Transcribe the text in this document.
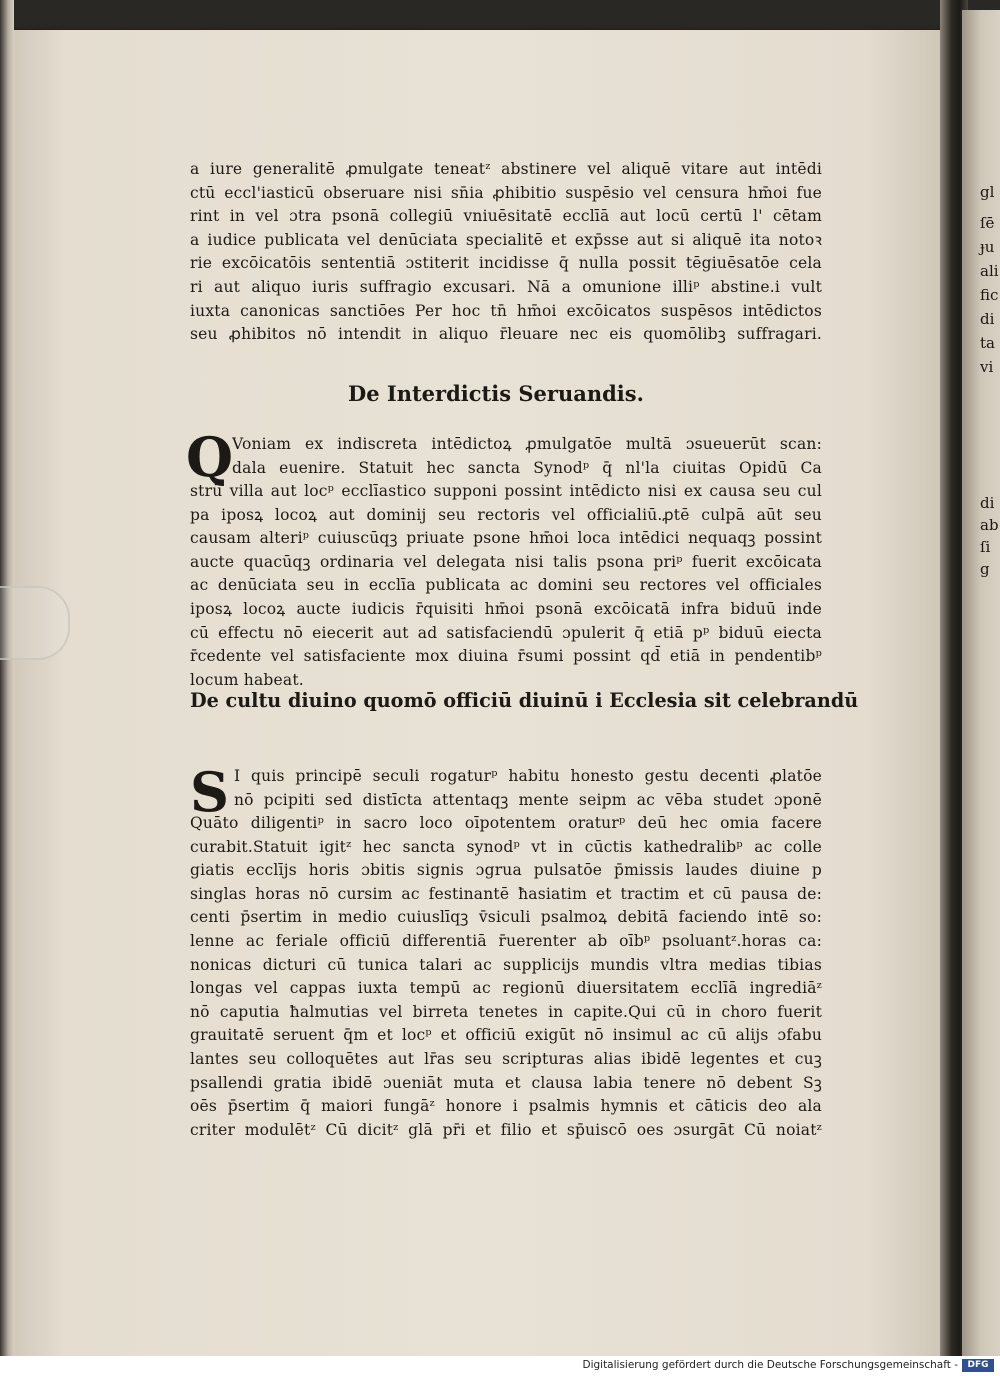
gl
ſē
ɟu
ali
fic
di
ta
vi
di
ab
ſi
g
a iure generalitē ꝓmulgate teneatᶻ abstinere vel aliquē vitare aut intēdi
ctū eccl'iasticū obseruare nisi sn̄ia ꝓhibitio suspēsio vel censura hm̄oi fue
rint in vel ɔtra psonā collegiū vniuēsitatē ecclīā aut locū certū l' cētam
a iudice publicata vel denūciata specialitē et exp̄sse aut si aliquē ita notoꝛ
rie excōicatōis sententiā ɔstiterit incidisse q̄ nulla possit tēgiuēsatōe cela
ri aut aliquo iuris suffragio excusari. Nā a omunione illiᵖ abstine.i vult
iuxta canonicas sanctiōes Per hoc tn̄ hm̄oi excōicatos suspēsos intēdictos
seu ꝓhibitos nō intendit in aliquo r̄leuare nec eis quomōlibꝫ suffragari.
De Interdictis Seruandis.
Q
Voniam ex indiscreta intēdictoꝝ ꝓmulgatōe multā ɔsueuerūt scan:
dala euenire. Statuit hec sancta Synodᵖ q̄ nl'la ciuitas Opidū Ca
strū villa aut locᵖ ecclīastico supponi possint intēdicto nisi ex causa seu cul
pa iposꝝ locoꝝ aut dominij seu rectoris vel officialiū.ꝓtē culpā aūt seu
causam alteriᵖ cuiuscūqꝫ priuate psone hm̄oi loca intēdici nequaqꝫ possint
aucte quacūqꝫ ordinaria vel delegata nisi talis psona priᵖ fuerit excōicata
ac denūciata seu in ecclīa publicata ac domini seu rectores vel officiales
iposꝝ locoꝝ aucte iudicis r̄quisiti hm̄oi psonā excōicatā infra biduū inde
cū effectu nō eiecerit aut ad satisfaciendū ɔpulerit q̄ etiā pᵖ biduū eiecta
r̄cedente vel satisfaciente mox diuina r̄sumi possint qd̄ etiā in pendentibᵖ
locum habeat.
De cultu diuino quomō officiū diuinū i Ecclesia sit celebrandū
S I quis principē seculi rogaturᵖ habitu honesto gestu decenti ꝓlatōe
nō pcipiti sed distīcta attentaqꝫ mente seipm ac vēba studet ɔponē
Quāto diligentiᵖ in sacro loco oīpotentem oraturᵖ deū hec omia facere
curabit.Statuit igitᶻ hec sancta synodᵖ vt in cūctis kathedralibᵖ ac colle
giatis ecclījs horis ɔbitis signis ɔgrua pulsatōe p̄missis laudes diuine p
singlas horas nō cursim ac festinantē ħasiatim et tractim et cū pausa de:
centi p̄sertim in medio cuiuslīqꝫ v̄siculi psalmoꝝ debitā faciendo intē so:
lenne ac feriale officiū differentiā r̄uerenter ab oībᵖ psoluantᶻ.horas ca:
nonicas dicturi cū tunica talari ac supplicijs mundis vltra medias tibias
longas vel cappas iuxta tempū ac regionū diuersitatem ecclīā ingrediāᶻ
nō caputia ħalmutias vel birreta tenetes in capite.Qui cū in choro fuerit
grauitatē seruent q̄m et locᵖ et officiū exigūt nō insimul ac cū alijs ɔfabu
lantes seu colloquētes aut lr̄as seu scripturas alias ibidē legentes et cuꝫ
psallendi gratia ibidē ɔueniāt muta et clausa labia tenere nō debent Sꝫ
oēs p̄sertim q̄ maiori fungāᶻ honore i psalmis hymnis et cāticis deo ala
criter modulētᶻ Cū dicitᶻ glā pr̄i et filio et sp̄uiscō oes ɔsurgāt Cū noiatᶻ
Digitalisierung gefördert durch die Deutsche Forschungsgemeinschaft -	DFG
